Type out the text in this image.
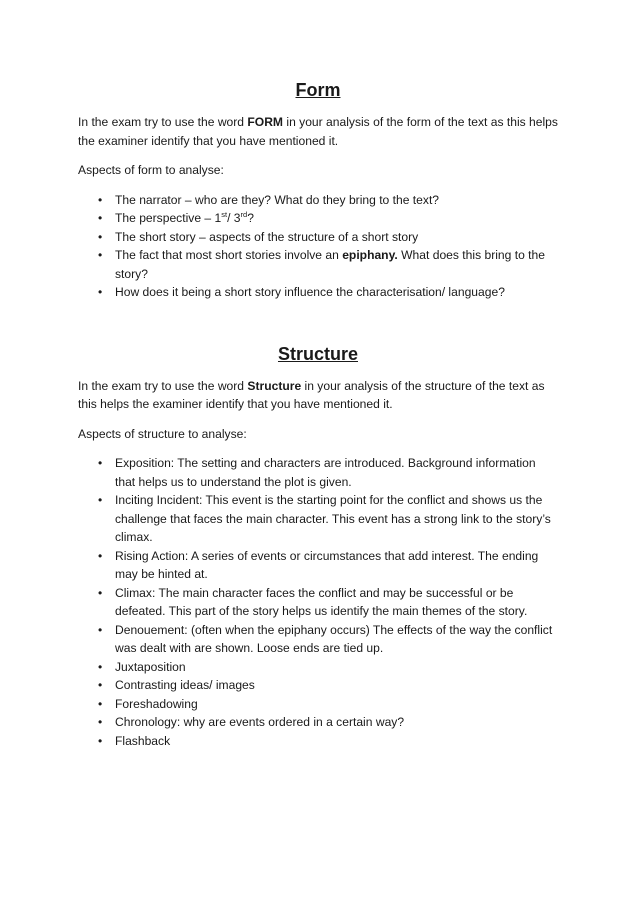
Form

In the exam try to use the word FORM in your analysis of the form of the text as this helps the examiner identify that you have mentioned it.

Aspects of form to analyse:

• The narrator – who are they? What do they bring to the text?
• The perspective – 1st/ 3rd?
• The short story – aspects of the structure of a short story
• The fact that most short stories involve an epiphany. What does this bring to the story?
• How does it being a short story influence the characterisation/ language?
Structure

In the exam try to use the word Structure in your analysis of the structure of the text as this helps the examiner identify that you have mentioned it.

Aspects of structure to analyse:

• Exposition: The setting and characters are introduced. Background information that helps us to understand the plot is given.
• Inciting Incident: This event is the starting point for the conflict and shows us the challenge that faces the main character. This event has a strong link to the story’s climax.
• Rising Action: A series of events or circumstances that add interest. The ending may be hinted at.
• Climax: The main character faces the conflict and may be successful or be defeated. This part of the story helps us identify the main themes of the story.
• Denouement: (often when the epiphany occurs) The effects of the way the conflict was dealt with are shown. Loose ends are tied up.
• Juxtaposition
• Contrasting ideas/ images
• Foreshadowing
• Chronology: why are events ordered in a certain way?
• Flashback
